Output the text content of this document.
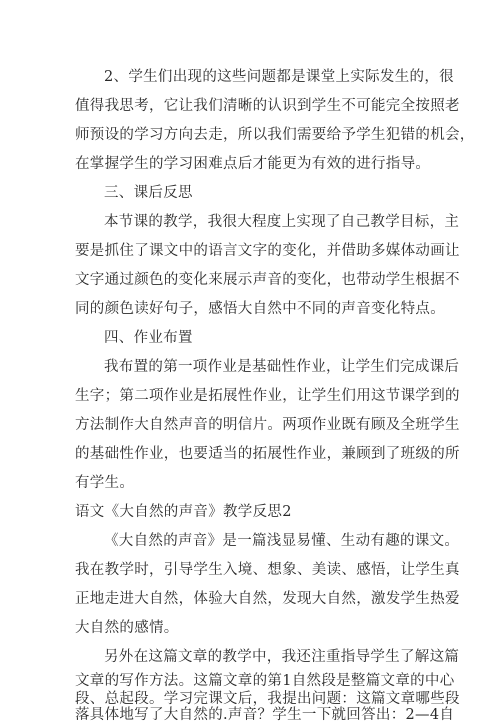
2、学生们出现的这些问题都是课堂上实际发生的，很
值得我思考，它让我们清晰的认识到学生不可能完全按照老
师预设的学习方向去走，所以我们需要给予学生犯错的机会，
在掌握学生的学习困难点后才能更为有效的进行指导。
三、课后反思
本节课的教学，我很大程度上实现了自己教学目标，主
要是抓住了课文中的语言文字的变化，并借助多媒体动画让
文字通过颜色的变化来展示声音的变化，也带动学生根据不
同的颜色读好句子，感悟大自然中不同的声音变化特点。
四、作业布置
我布置的第一项作业是基础性作业，让学生们完成课后
生字；第二项作业是拓展性作业，让学生们用这节课学到的
方法制作大自然声音的明信片。两项作业既有顾及全班学生
的基础性作业，也要适当的拓展性作业，兼顾到了班级的所
有学生。
语文《大自然的声音》教学反思2
《大自然的声音》是一篇浅显易懂、生动有趣的课文。
我在教学时，引导学生入境、想象、美读、感悟，让学生真
正地走进大自然，体验大自然，发现大自然，激发学生热爱
大自然的感情。
另外在这篇文章的教学中，我还注重指导学生了解这篇
文章的写作方法。这篇文章的第1自然段是整篇文章的中心
段、总起段。学习完课文后，我提出问题：这篇文章哪些段
落具体地写了大自然的.声音？学生一下就回答出：2—4自
